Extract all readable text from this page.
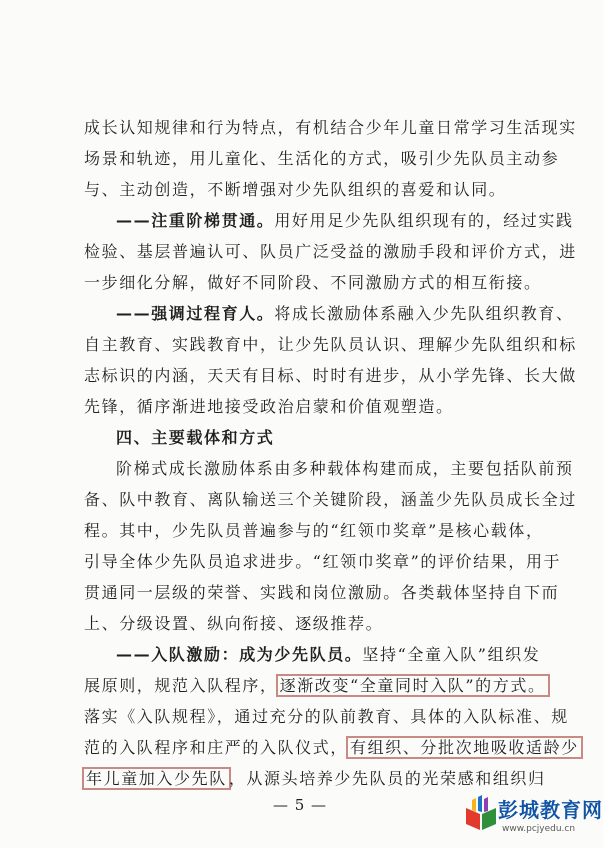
成长认知规律和行为特点，有机结合少年儿童日常学习生活现实
场景和轨迹，用儿童化、生活化的方式，吸引少先队员主动参
与、主动创造，不断增强对少先队组织的喜爱和认同。
——注重阶梯贯通。用好用足少先队组织现有的，经过实践
检验、基层普遍认可、队员广泛受益的激励手段和评价方式，进
一步细化分解，做好不同阶段、不同激励方式的相互衔接。
——强调过程育人。将成长激励体系融入少先队组织教育、
自主教育、实践教育中，让少先队员认识、理解少先队组织和标
志标识的内涵，天天有目标、时时有进步，从小学先锋、长大做
先锋，循序渐进地接受政治启蒙和价值观塑造。
四、主要载体和方式
阶梯式成长激励体系由多种载体构建而成，主要包括队前预
备、队中教育、离队输送三个关键阶段，涵盖少先队员成长全过
程。其中，少先队员普遍参与的“红领巾奖章”是核心载体，
引导全体少先队员追求进步。“红领巾奖章”的评价结果，用于
贯通同一层级的荣誉、实践和岗位激励。各类载体坚持自下而
上、分级设置、纵向衔接、逐级推荐。
——入队激励：成为少先队员。坚持“全童入队”组织发
展原则，规范入队程序， 逐渐改变“全童同时入队”的方式。
落实《入队规程》，通过充分的队前教育、具体的入队标准、规
范的入队程序和庄严的入队仪式， 有组织、分批次地吸收适龄少
年儿童加入少先队 ，从源头培养少先队员的光荣感和组织归
— 5 —	彭城教育网
www.pcjyedu.cn
